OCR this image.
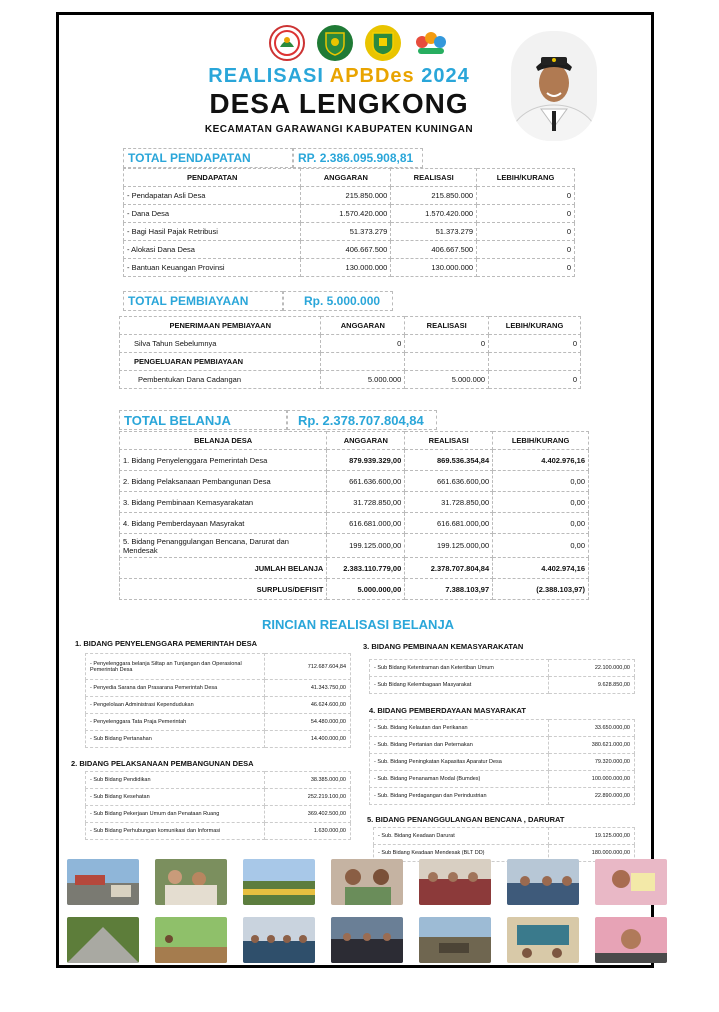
REALISASI APBDes 2024
DESA LENGKONG
KECAMATAN GARAWANGI KABUPATEN KUNINGAN
TOTAL PENDAPATAN	RP. 2.386.095.908,81
PENDAPATAN	ANGGARAN	REALISASI	LEBIH/KURANG
- Pendapatan Asli Desa	215.850.000	215.850.000	0
- Dana Desa	1.570.420.000	1.570.420.000	0
- Bagi Hasil Pajak Retribusi	51.373.279	51.373.279	0
- Alokasi Dana Desa	406.667.500	406.667.500	0
- Bantuan Keuangan Provinsi	130.000.000	130.000.000	0
TOTAL PEMBIAYAAN	Rp. 5.000.000
PENERIMAAN PEMBIAYAAN	ANGGARAN	REALISASI	LEBIH/KURANG
Silva Tahun Sebelumnya	0	0	0
PENGELUARAN PEMBIAYAAN			
Pembentukan Dana Cadangan	5.000.000	5.000.000	0
TOTAL BELANJA	Rp. 2.378.707.804,84
BELANJA DESA	ANGGARAN	REALISASI	LEBIH/KURANG
1. Bidang Penyelenggara Pemerintah Desa	879.939.329,00	869.536.354,84	4.402.976,16
2. Bidang Pelaksanaan Pembangunan Desa	661.636.600,00	661.636.600,00	0,00
3. Bidang Pembinaan Kemasyarakatan	31.728.850,00	31.728.850,00	0,00
4. Bidang Pemberdayaan Masyrakat	616.681.000,00	616.681.000,00	0,00
5. Bidang Penanggulangan Bencana, Darurat dan Mendesak	199.125.000,00	199.125.000,00	0,00
JUMLAH BELANJA	2.383.110.779,00	2.378.707.804,84	4.402.974,16
SURPLUS/DEFISIT	5.000.000,00	7.388.103,97	(2.388.103,97)
RINCIAN REALISASI BELANJA
1. BIDANG PENYELENGGARA PEMERINTAH DESA
- Penyelenggara belanja Siltap an Tunjangan dan Operasional Pemerintah Desa	712.687.604,84
- Penyedia Sarana dan Prasarana Pemerintah Desa	41.343.750,00
- Pengelolaan Administrasi Kependudukan	46.624.600,00
- Penyelenggara Tata Praja Pemerintah	54.480.000,00
- Sub Bidang Pertanahan	14.400.000,00
2. BIDANG PELAKSANAAN PEMBANGUNAN DESA
- Sub Bidang Pendidikan	38.385.000,00
- Sub Bidang Kesehatan	252.219.100,00
- Sub Bidang Pekerjaan Umum dan Penataan Ruang	369.402.500,00
- Sub Bidang Perhubungan komunikasi dan Informasi	1.630.000,00
3. BIDANG PEMBINAAN KEMASYARAKATAN
- Sub Bidang Ketentraman dan Ketertiban Umum	22.100.000,00
- Sub Bidang Kelembagaan Masyarakat	9.628.850,00
4. BIDANG PEMBERDAYAAN MASYARAKAT
- Sub. Bidang Kelautan dan Perikanan	33.650.000,00
- Sub. Bidang Pertanian dan Peternakan	380.621.000,00
- Sub. Bidang Peningkatan Kapasitas Aparatur Desa	79.320.000,00
- Sub. Bidang Penanaman Modal (Bumdes)	100.000.000,00
- Sub. Bidang Perdagangan dan Perindustrian	22.890.000,00
5. BIDANG PENANGGULANGAN BENCANA , DARURAT
- Sub. Bidang Keadaan Darurat	19.125.000,00
- Sub Bidang Keadaan Mendesak (BLT DD)	180.000.000,00
